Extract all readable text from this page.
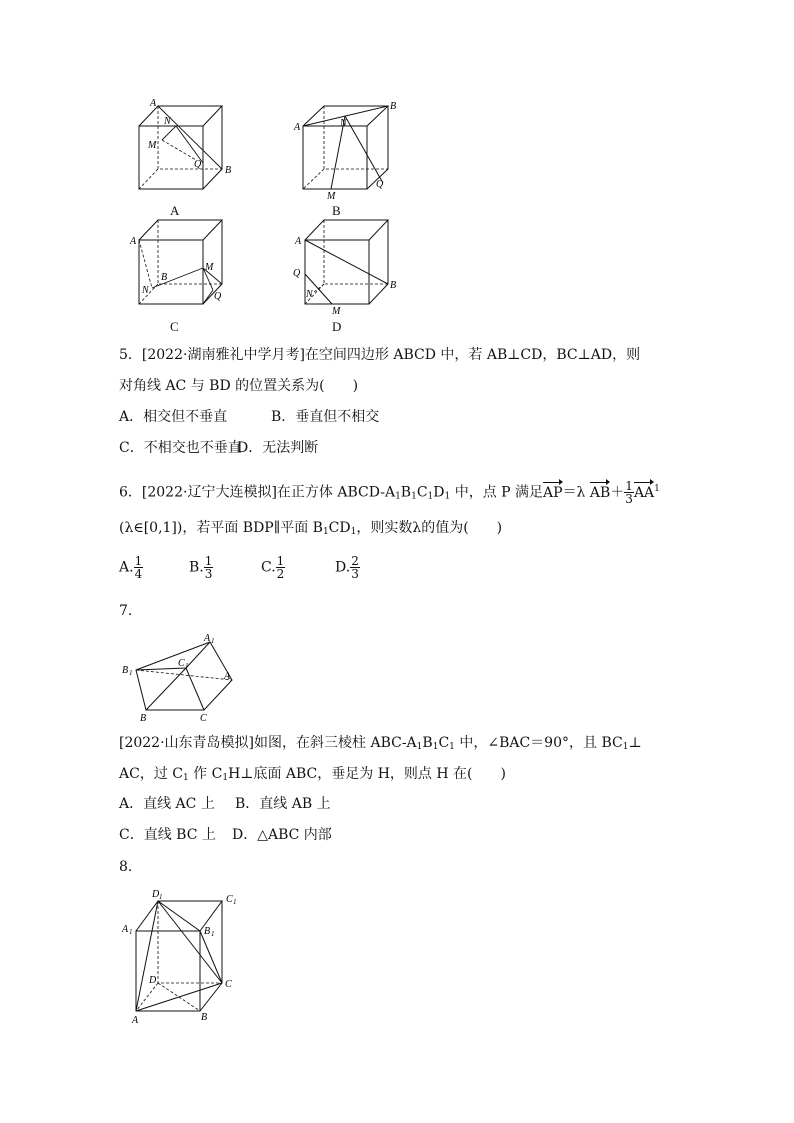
A
N
M
Q
B
A
A	N
B
M
Q
B
A
B
M
N
Q
C
A
Q
N
M
B
D
5．[2022·湖南雅礼中学月考]在空间四边形 ABCD 中，若 AB⊥CD，BC⊥AD，则
对角线 AC 与 BD 的位置关系为(　　)
A．相交但不垂直	B．垂直但不相交
C．不相交也不垂直D．无法判断
6．[2022·辽宁大连模拟]在正方体 ABCD-$A_1B_1C_1D_1$ 中，点 P 满足AP＝λ $AB+ \frac{1}{3} AA^1$
(λ∈[0,1])，若平面 BDP∥平面 $B_1CD_1$，则实数λ的值为(　　)
A. $\frac{1}{4}$	B. $\frac{1}{3}$	C. $\frac{1}{2}$	D. $\frac{2}{3}$
7.
A 1
B 1
C 1
A
B	C
[2022·山东青岛模拟]如图，在斜三棱柱 ABC-$A_1B_1C_1$ 中，∠BAC＝90°，且 $BC_1\perp$
AC，过 $C_1$ 作 $C_1H\perp$底面 ABC，垂足为 H，则点 H 在(　　)
A．直线 AC 上 B．直线 AB 上
C．直线 BC 上 D．△ABC 内部
8.
D 1	C 1
A 1	B 1
D	C
A	B
